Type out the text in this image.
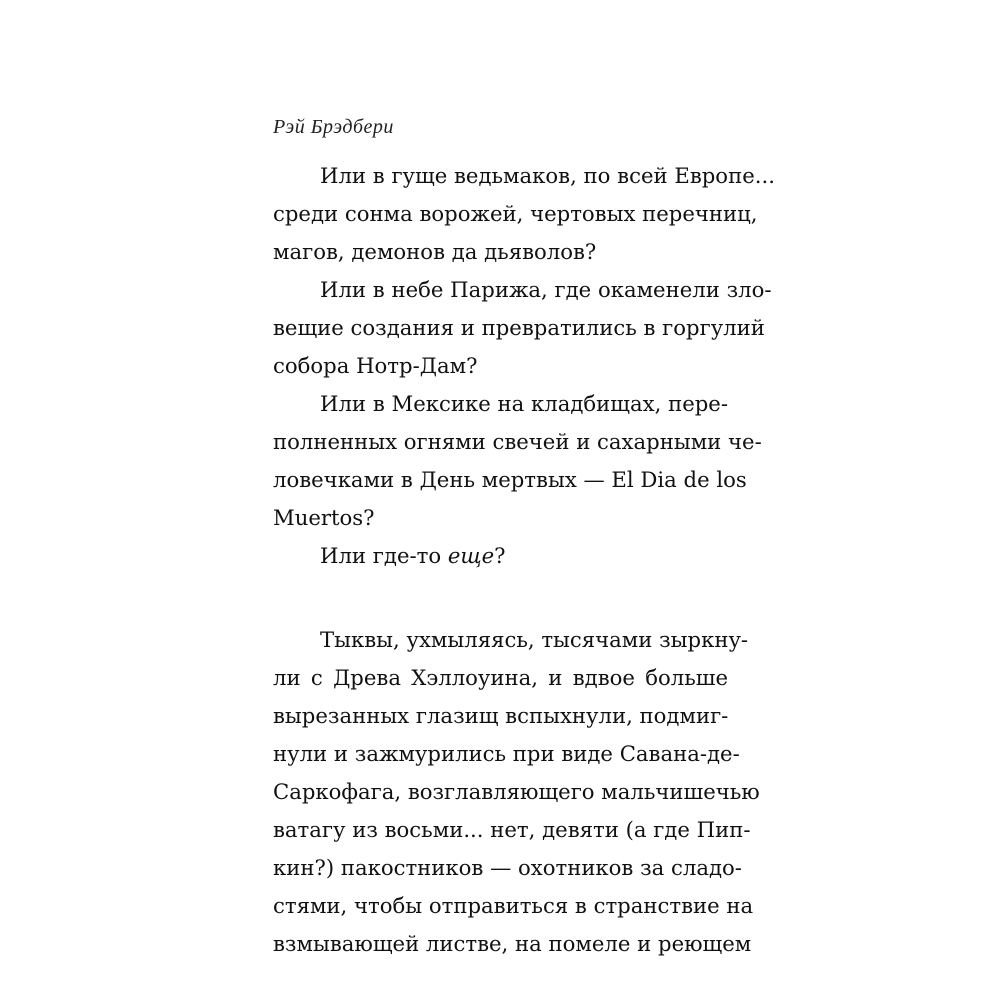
Рэй Брэдбери
Или в гуще ведьмаков, по всей Европе...
среди сонма ворожей, чертовых перечниц,
магов, демонов да дьяволов?
Или в небе Парижа, где окаменели зло-
вещие создания и превратились в горгулий
собора Нотр-Дам?
Или в Мексике на кладбищах, пере-
полненных огнями свечей и сахарными че-
ловечками в День мертвых — El Dia de los
Muertos?
Или где-то еще?
Тыквы, ухмыляясь, тысячами зыркну-
ли с Древа Хэллоуина, и вдвое больше
вырезанных глазищ вспыхнули, подмиг-
нули и зажмурились при виде Савана-де-
Саркофага, возглавляющего мальчишечью
ватагу из восьми... нет, девяти (а где Пип-
кин?) пакостников — охотников за сладо-
стями, чтобы отправиться в странствие на
взмывающей листве, на помеле и реющем
